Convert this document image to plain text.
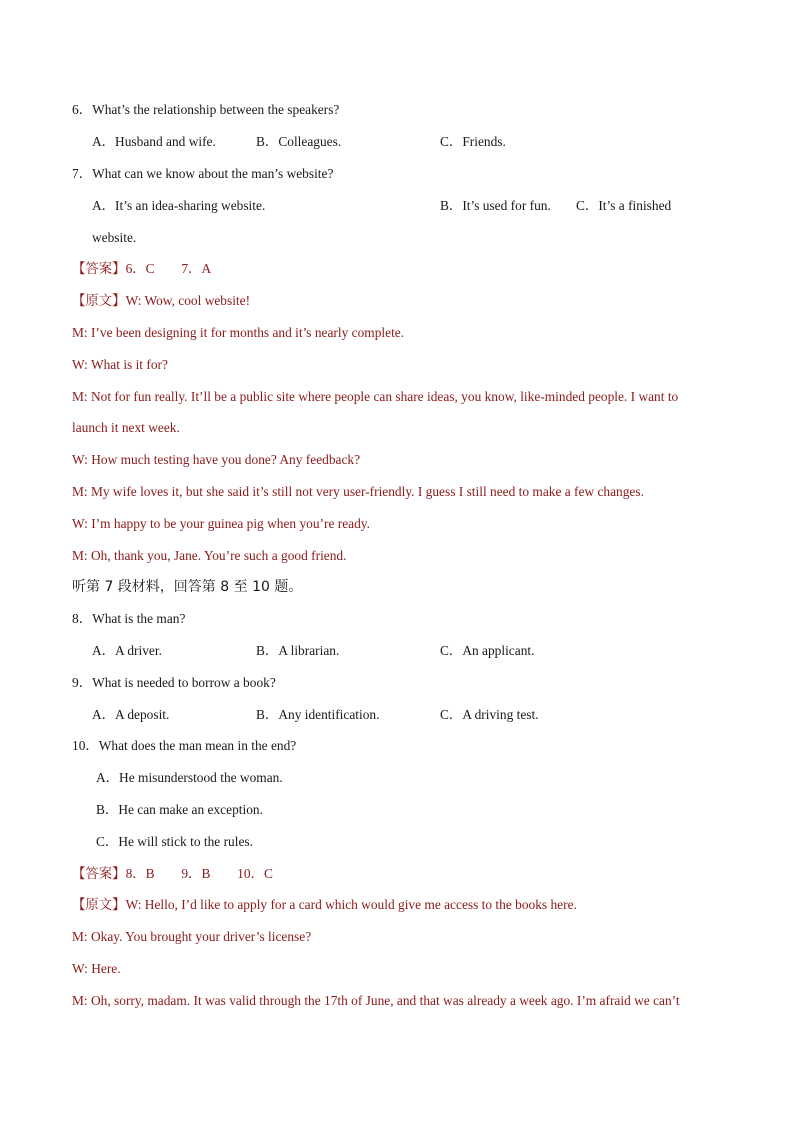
6．What’s the relationship between the speakers?
A．Husband and wife.	B．Colleagues.	C．Friends.
7．What can we know about the man’s website?
A．It’s an idea-sharing website.	B．It’s used for fun. C．It’s a finished
website.
【答案】6．C        7．A
【原文】W: Wow, cool website!
M: I’ve been designing it for months and it’s nearly complete.
W: What is it for?
M: Not for fun really. It’ll be a public site where people can share ideas, you know, like-minded people. I want to
launch it next week.
W: How much testing have you done? Any feedback?
M: My wife loves it, but she said it’s still not very user-friendly. I guess I still need to make a few changes.
W: I’m happy to be your guinea pig when you’re ready.
M: Oh, thank you, Jane. You’re such a good friend.
听第 7 段材料，回答第 8 至 10 题。
8．What is the man?
A．A driver.	B．A librarian.	C．An applicant.
9．What is needed to borrow a book?
A．A deposit.	B．Any identification.	C．A driving test.
10．What does the man mean in the end?
A．He misunderstood the woman.
B．He can make an exception.
C．He will stick to the rules.
【答案】8．B        9．B        10．C
【原文】W: Hello, I’d like to apply for a card which would give me access to the books here.
M: Okay. You brought your driver’s license?
W: Here.
M: Oh, sorry, madam. It was valid through the 17th of June, and that was already a week ago. I’m afraid we can’t
